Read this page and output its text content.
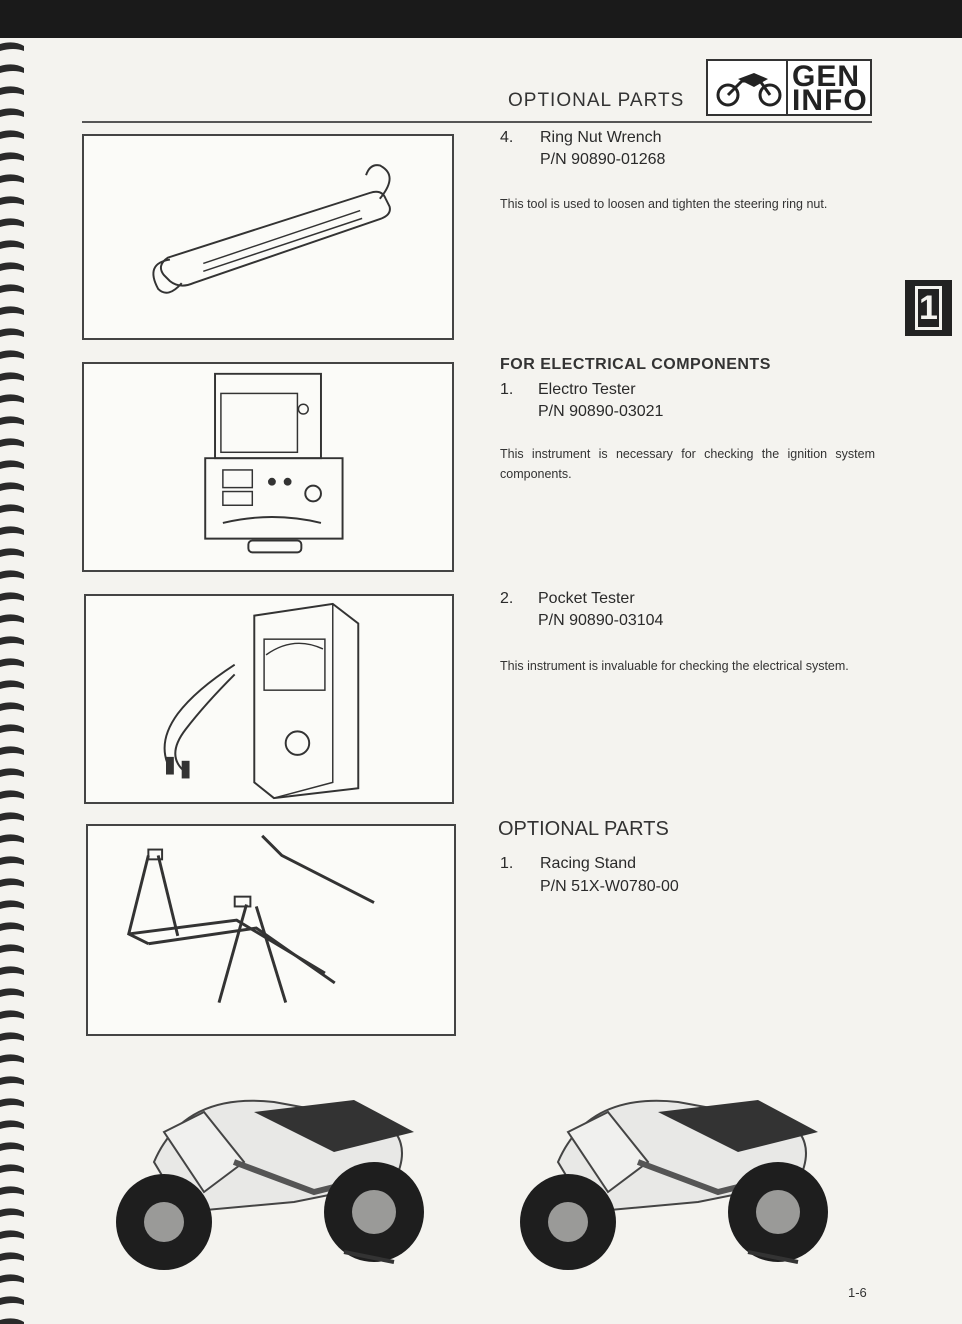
OPTIONAL PARTS
GEN
INFO
1
4. Ring Nut Wrench
P/N 90890-01268
This tool is used to loosen and tighten the steering ring nut.
FOR ELECTRICAL COMPONENTS
1. Electro Tester
P/N 90890-03021
This instrument is necessary for checking the ignition system components.
2. Pocket Tester
P/N 90890-03104
This instrument is invaluable for checking the electrical system.
OPTIONAL PARTS
1. Racing Stand
P/N 51X-W0780-00
1-6
